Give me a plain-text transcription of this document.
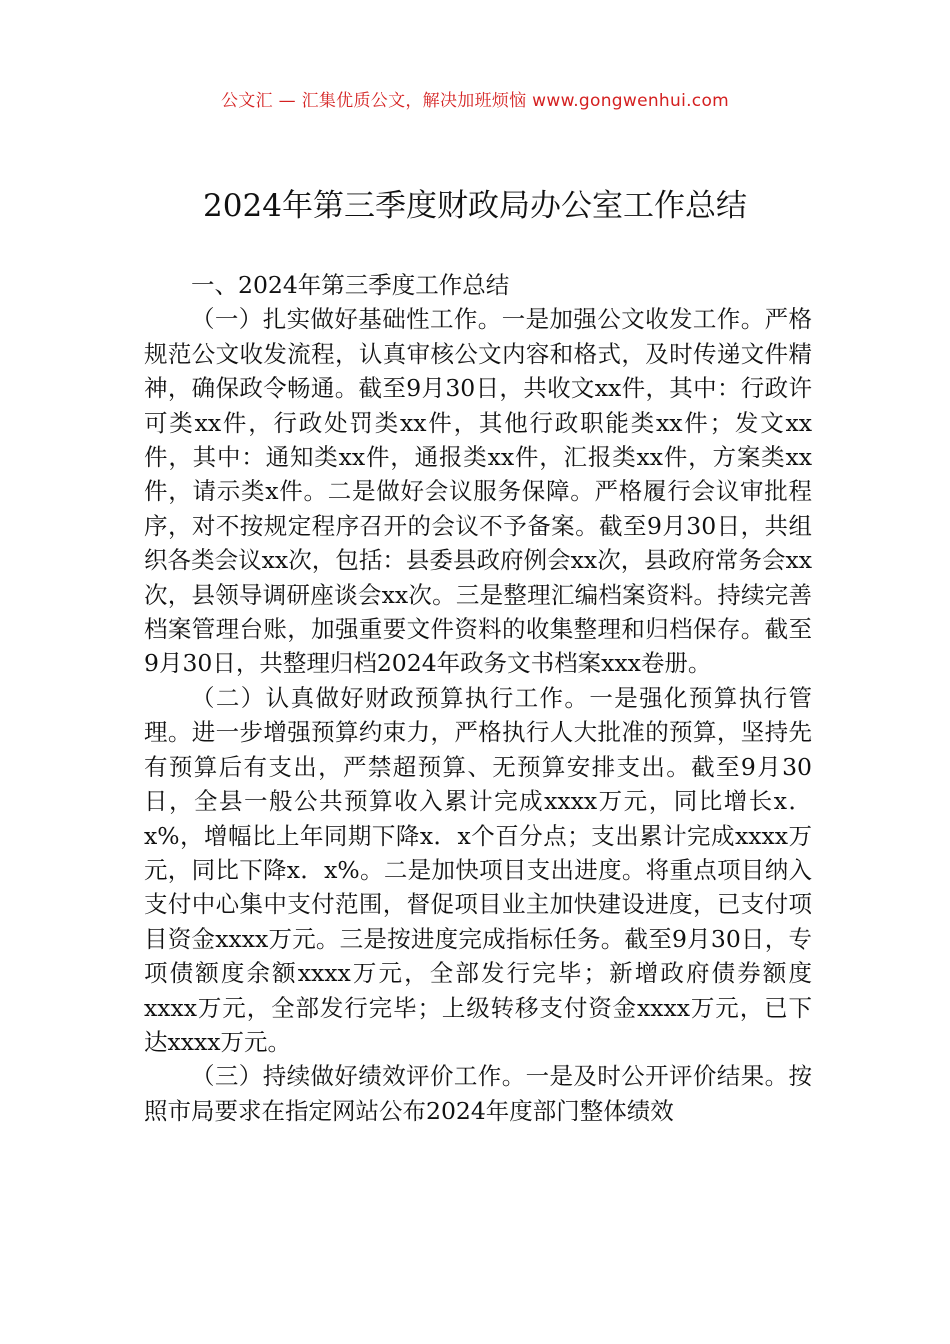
公文汇 — 汇集优质公文，解决加班烦恼 www.gongwenhui.com
2024年第三季度财政局办公室工作总结

一、2024年第三季度工作总结

（一）扎实做好基础性工作。一是加强公文收发工作。严格规范公文收发流程，认真审核公文内容和格式，及时传递文件精神，确保政令畅通。截至9月30日，共收文xx件，其中：行政许可类xx件，行政处罚类xx件，其他行政职能类xx件；发文xx件，其中：通知类xx件，通报类xx件，汇报类xx件，方案类xx件，请示类x件。二是做好会议服务保障。严格履行会议审批程序，对不按规定程序召开的会议不予备案。截至9月30日，共组织各类会议xx次，包括：县委县政府例会xx次，县政府常务会xx次，县领导调研座谈会xx次。三是整理汇编档案资料。持续完善档案管理台账，加强重要文件资料的收集整理和归档保存。截至9月30日，共整理归档2024年政务文书档案xxx卷册。

（二）认真做好财政预算执行工作。一是强化预算执行管理。进一步增强预算约束力，严格执行人大批准的预算，坚持先有预算后有支出，严禁超预算、无预算安排支出。截至9月30日，全县一般公共预算收入累计完成xxxx万元，同比增长x．x%，增幅比上年同期下降x．x个百分点；支出累计完成xxxx万元，同比下降x．x%。二是加快项目支出进度。将重点项目纳入支付中心集中支付范围，督促项目业主加快建设进度，已支付项目资金xxxx万元。三是按进度完成指标任务。截至9月30日，专项债额度余额xxxx万元，全部发行完毕；新增政府债券额度xxxx万元，全部发行完毕；上级转移支付资金xxxx万元，已下达xxxx万元。

（三）持续做好绩效评价工作。一是及时公开评价结果。按照市局要求在指定网站公布2024年度部门整体绩效
